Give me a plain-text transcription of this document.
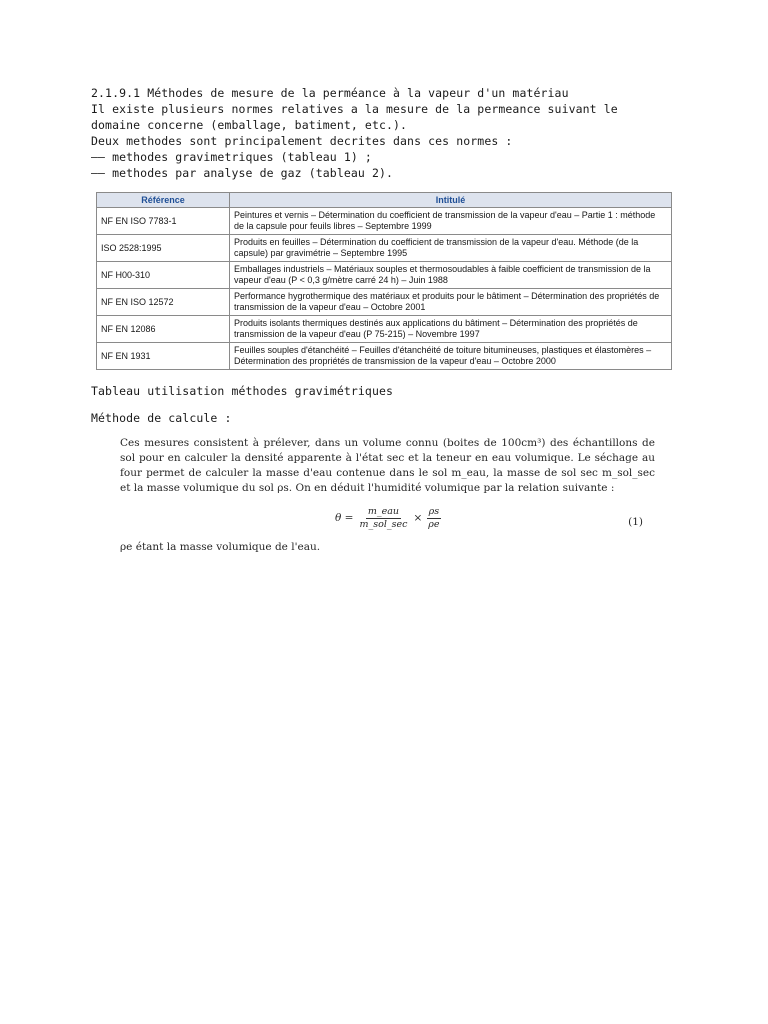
2.1.9.1 Méthodes de mesure de la perméance à la vapeur d'un matériau
Il existe plusieurs normes relatives a la mesure de la permeance suivant le
domaine concerne (emballage, batiment, etc.).
Deux methodes sont principalement decrites dans ces normes :
—— methodes gravimetriques (tableau 1) ;
—— methodes par analyse de gaz (tableau 2).
Référence	Intitulé
NF EN ISO 7783-1	Peintures et vernis – Détermination du coefficient de transmission de la vapeur d'eau – Partie 1 : méthode de la capsule pour feuils libres – Septembre 1999
ISO 2528:1995	Produits en feuilles – Détermination du coefficient de transmission de la vapeur d'eau. Méthode (de la capsule) par gravimétrie – Septembre 1995
NF H00-310	Emballages industriels – Matériaux souples et thermosoudables à faible coefficient de transmission de la vapeur d'eau (P < 0,3 g/mètre carré 24 h) – Juin 1988
NF EN ISO 12572	Performance hygrothermique des matériaux et produits pour le bâtiment – Détermination des propriétés de transmission de la vapeur d'eau – Octobre 2001
NF EN 12086	Produits isolants thermiques destinés aux applications du bâtiment – Détermination des propriétés de transmission de la vapeur d'eau (P 75-215) – Novembre 1997
NF EN 1931	Feuilles souples d'étanchéité – Feuilles d'étanchéité de toiture bitumineuses, plastiques et élastomères – Détermination des propriétés de transmission de la vapeur d'eau – Octobre 2000
Tableau utilisation méthodes gravimétriques
Méthode de calcule :

Ces mesures consistent à prélever, dans un volume connu (boites de 100cm³) des échantillons de sol pour en calculer la densité apparente à l'état sec et la teneur en eau volumique. Le séchage au four permet de calculer la masse d'eau contenue dans le sol m_eau, la masse de sol sec m_sol_sec et la masse volumique du sol ρs. On en déduit l'humidité volumique par la relation suivante :

$\theta = \frac{\text{m\_eau}}{\text{m\_sol\_sec}} \times \frac{\rho s}{\rho e}$	(1)

ρe étant la masse volumique de l'eau.
